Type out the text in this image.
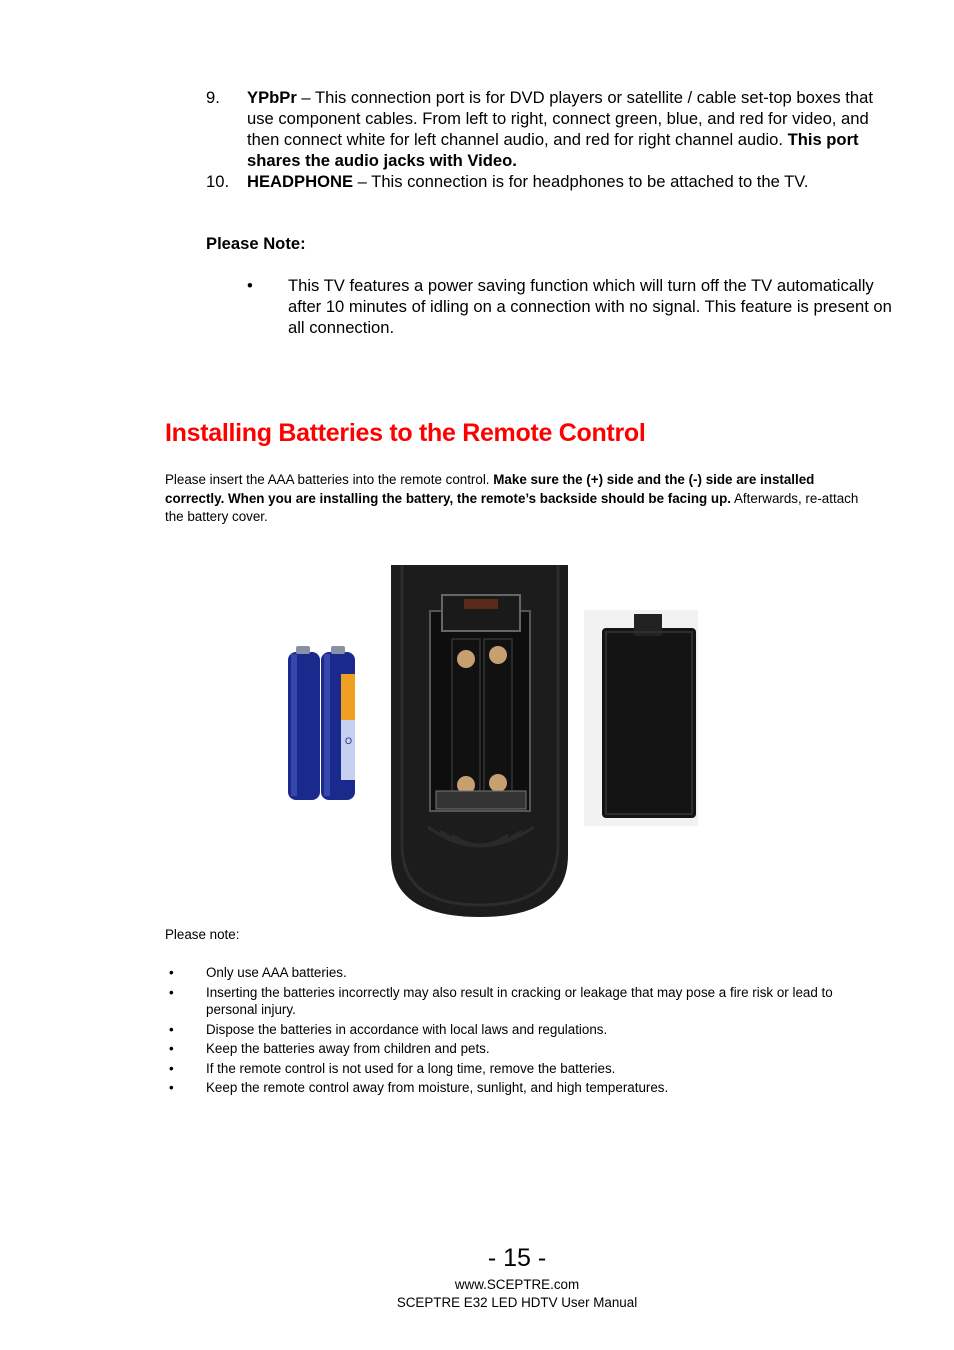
9. YPbPr – This connection port is for DVD players or satellite / cable set-top boxes that use component cables. From left to right, connect green, blue, and red for video, and then connect white for left channel audio, and red for right channel audio. This port shares the audio jacks with Video.
10. HEADPHONE – This connection is for headphones to be attached to the TV.
Please Note:
• This TV features a power saving function which will turn off the TV automatically after 10 minutes of idling on a connection with no signal. This feature is present on all connection.
Installing Batteries to the Remote Control
Please insert the AAA batteries into the remote control. Make sure the (+) side and the (-) side are installed correctly. When you are installing the battery, the remote’s backside should be facing up. Afterwards, re-attach the battery cover.
O
Please note:
• Only use AAA batteries.
• Inserting the batteries incorrectly may also result in cracking or leakage that may pose a fire risk or lead to personal injury.
• Dispose the batteries in accordance with local laws and regulations.
• Keep the batteries away from children and pets.
• If the remote control is not used for a long time, remove the batteries.
• Keep the remote control away from moisture, sunlight, and high temperatures.
- 15 -
www.SCEPTRE.com
SCEPTRE E32 LED HDTV User Manual
